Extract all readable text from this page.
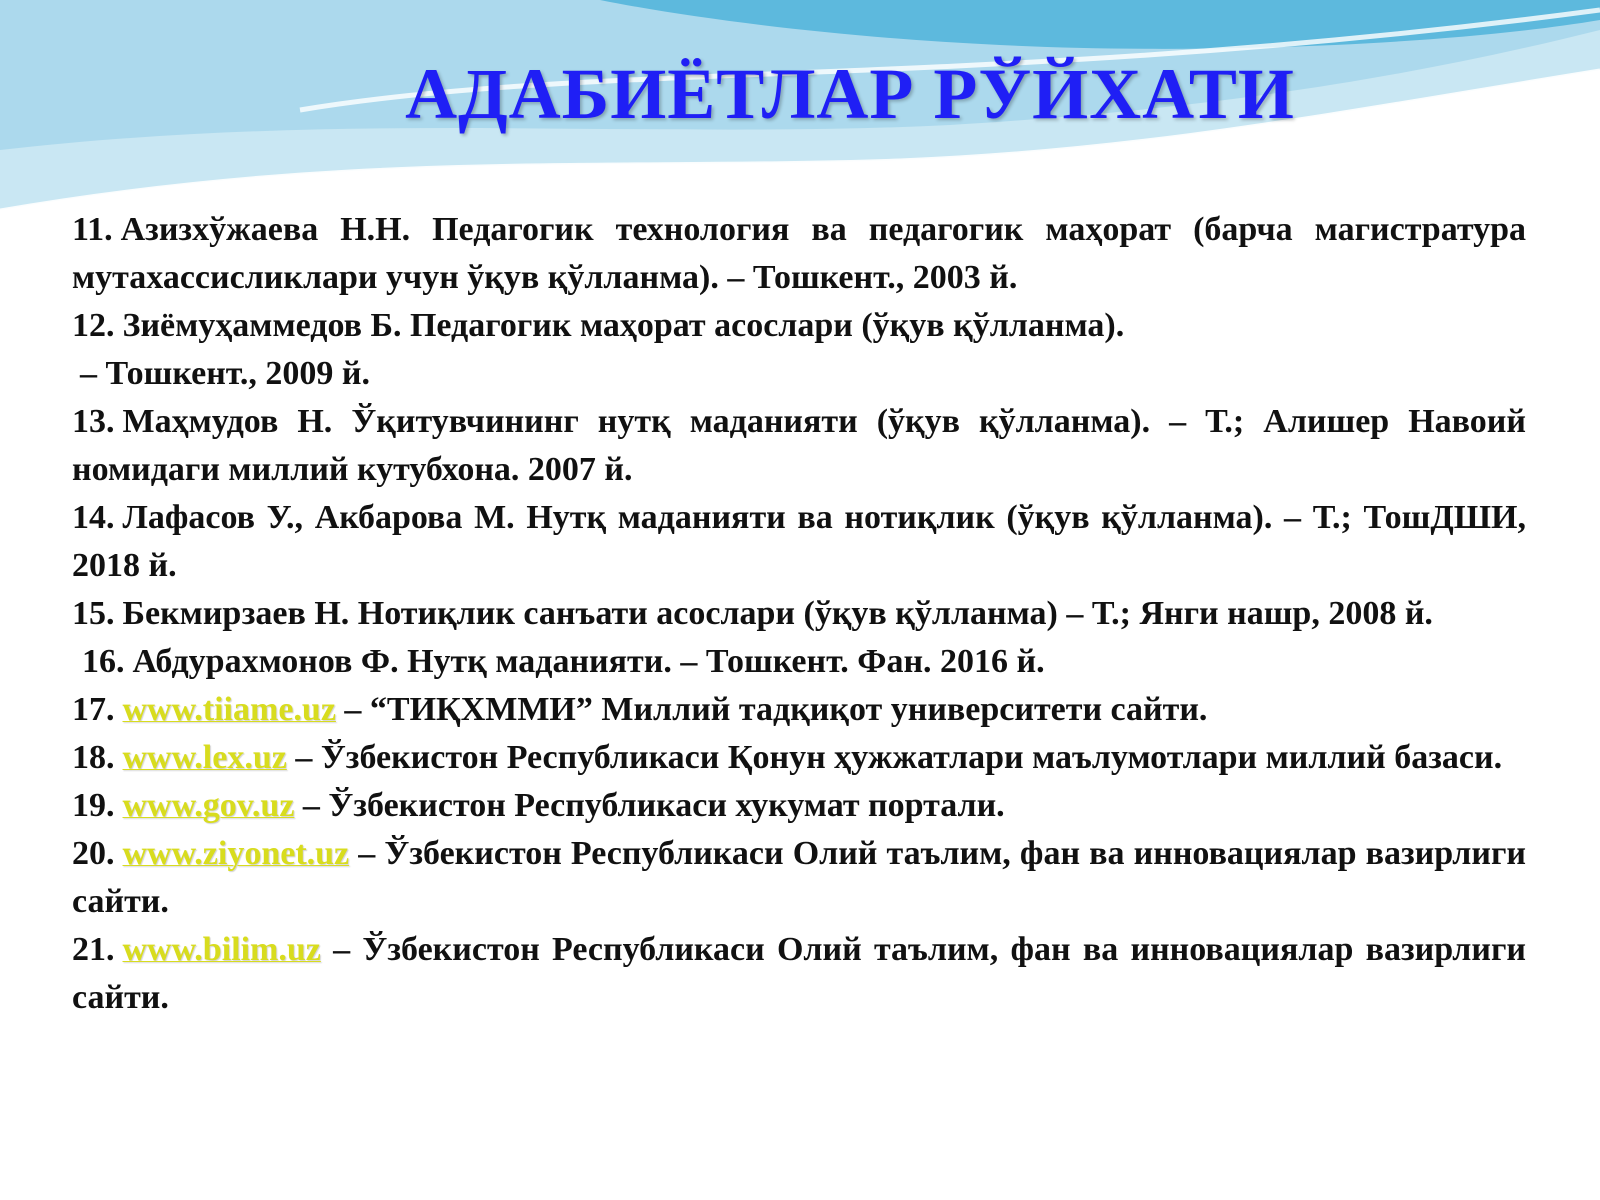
АДАБИЁТЛАР РЎЙХАТИ
11. Азизхўжаева Н.Н. Педагогик технология ва педагогик маҳорат (барча магистратура мутахассисликлари учун ўқув қўлланма). – Тошкент., 2003 й.
12. Зиёмуҳаммедов Б. Педагогик маҳорат асослари (ўқув қўлланма).
– Тошкент., 2009 й.
13. Маҳмудов Н. Ўқитувчининг нутқ маданияти (ўқув қўлланма). – Т.; Алишер Навоий номидаги миллий кутубхона. 2007 й.
14. Лафасов У., Акбарова М. Нутқ маданияти ва нотиқлик (ўқув қўлланма). – Т.; ТошДШИ, 2018 й.
15. Бекмирзаев Н. Нотиқлик санъати асослари (ўқув қўлланма) – Т.; Янги нашр, 2008 й.
16. Абдурахмонов Ф. Нутқ маданияти. – Тошкент. Фан. 2016 й.
17. www.tiiame.uz – “ТИҚХММИ” Миллий тадқиқот университети сайти.
18. www.lex.uz – Ўзбекистон Республикаси Қонун ҳужжатлари маълумотлари миллий базаси.
19. www.gov.uz – Ўзбекистон Республикаси хукумат портали.
20. www.ziyonet.uz – Ўзбекистон Республикаси Олий таълим, фан ва инновациялар вазирлиги сайти.
21. www.bilim.uz – Ўзбекистон Республикаси Олий таълим, фан ва инновациялар вазирлиги сайти.
